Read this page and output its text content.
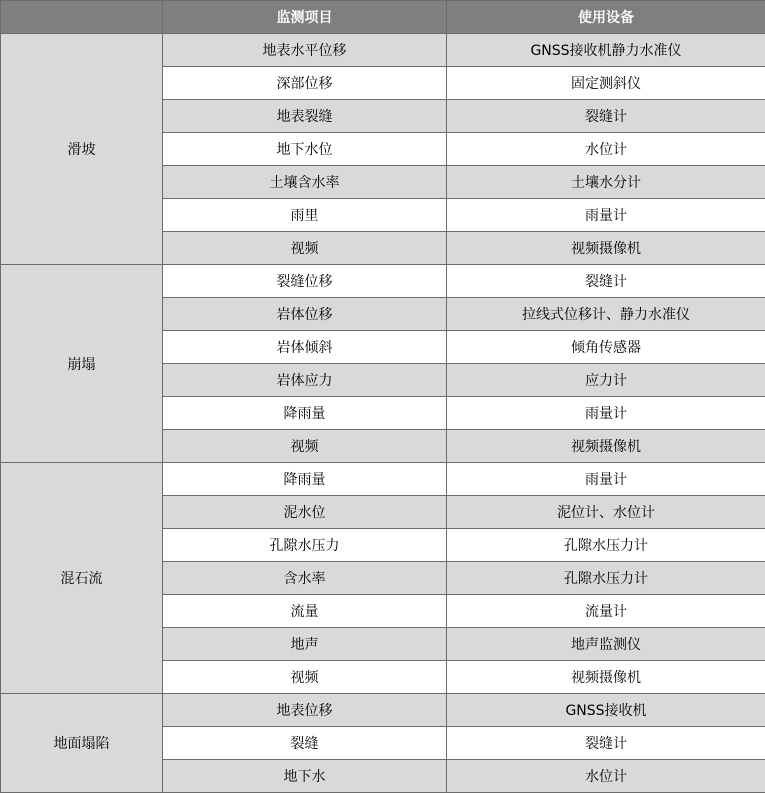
	监测项目	使用设备
滑坡	地表水平位移	GNSS接收机静力水准仪
	深部位移	固定测斜仪
	地表裂缝	裂缝计
	地下水位	水位计
	土壤含水率	土壤水分计
	雨里	雨量计
	视频	视频摄像机
崩塌	裂缝位移	裂缝计
	岩体位移	拉线式位移计、静力水准仪
	岩体倾斜	倾角传感器
	岩体应力	应力计
	降雨量	雨量计
	视频	视频摄像机
混石流	降雨量	雨量计
	泥水位	泥位计、水位计
	孔隙水压力	孔隙水压力计
	含水率	孔隙水压力计
	流量	流量计
	地声	地声监测仪
	视频	视频摄像机
地面塌陷	地表位移	GNSS接收机
	裂缝	裂缝计
	地下水	水位计
